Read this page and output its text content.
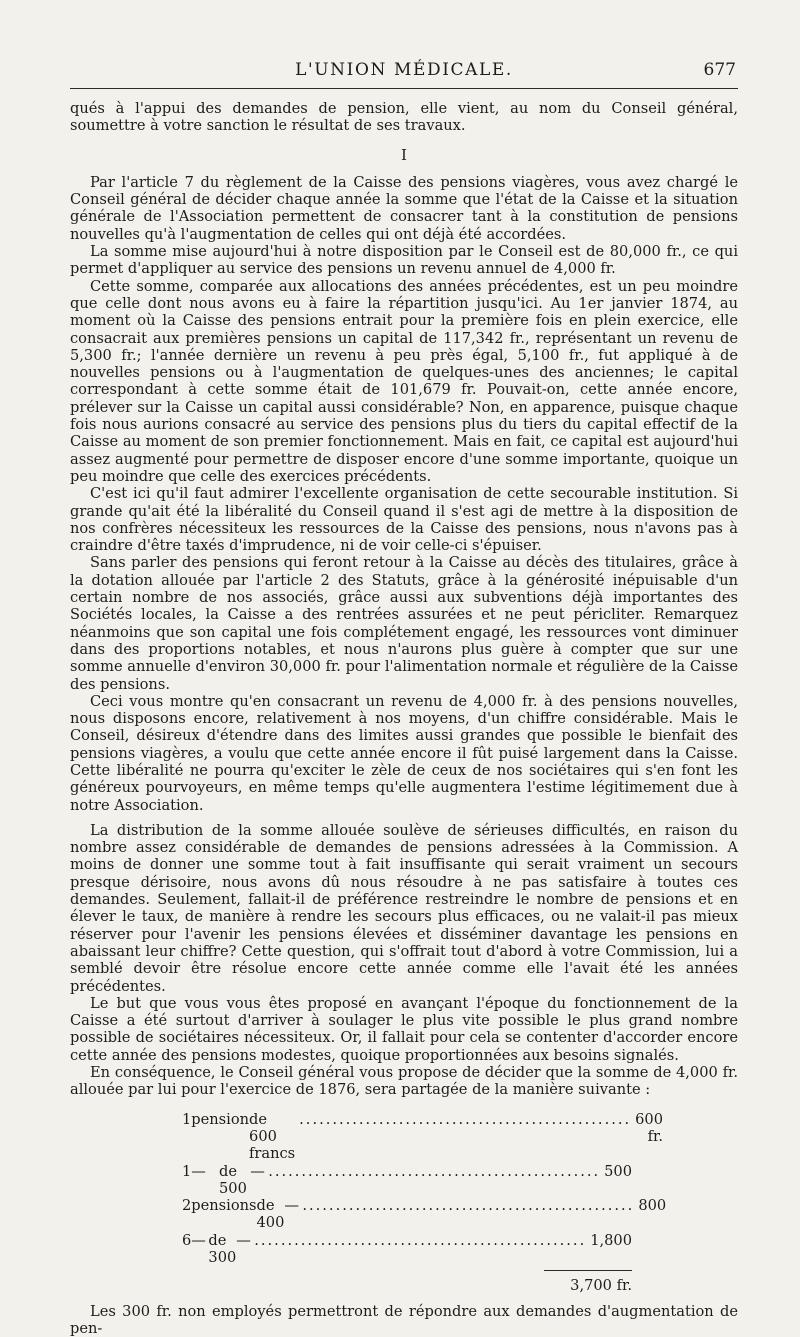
L'UNION MÉDICALE.	677

qués à l'appui des demandes de pension, elle vient, au nom du Conseil général, soumettre à votre sanction le résultat de ses travaux.

I

Par l'article 7 du règlement de la Caisse des pensions viagères, vous avez chargé le Conseil général de décider chaque année la somme que l'état de la Caisse et la situation générale de l'Association permettent de consacrer tant à la constitution de pensions nouvelles qu'à l'augmentation de celles qui ont déjà été accordées.

La somme mise aujourd'hui à notre disposition par le Conseil est de 80,000 fr., ce qui permet d'appliquer au service des pensions un revenu annuel de 4,000 fr.

Cette somme, comparée aux allocations des années précédentes, est un peu moindre que celle dont nous avons eu à faire la répartition jusqu'ici. Au 1er janvier 1874, au moment où la Caisse des pensions entrait pour la première fois en plein exercice, elle consacrait aux premières pensions un capital de 117,342 fr., représentant un revenu de 5,300 fr.; l'année dernière un revenu à peu près égal, 5,100 fr., fut appliqué à de nouvelles pensions ou à l'augmentation de quelques-unes des anciennes; le capital correspondant à cette somme était de 101,679 fr. Pouvait-on, cette année encore, prélever sur la Caisse un capital aussi considérable? Non, en apparence, puisque chaque fois nous aurions consacré au service des pensions plus du tiers du capital effectif de la Caisse au moment de son premier fonctionnement. Mais en fait, ce capital est aujourd'hui assez augmenté pour permettre de disposer encore d'une somme importante, quoique un peu moindre que celle des exercices précédents.

C'est ici qu'il faut admirer l'excellente organisation de cette secourable institution. Si grande qu'ait été la libéralité du Conseil quand il s'est agi de mettre à la disposition de nos confrères nécessiteux les ressources de la Caisse des pensions, nous n'avons pas à craindre d'être taxés d'imprudence, ni de voir celle-ci s'épuiser.

Sans parler des pensions qui feront retour à la Caisse au décès des titulaires, grâce à la dotation allouée par l'article 2 des Statuts, grâce à la générosité inépuisable d'un certain nombre de nos associés, grâce aussi aux subventions déjà importantes des Sociétés locales, la Caisse a des rentrées assurées et ne peut péricliter. Remarquez néanmoins que son capital une fois complétement engagé, les ressources vont diminuer dans des proportions notables, et nous n'aurons plus guère à compter que sur une somme annuelle d'environ 30,000 fr. pour l'alimentation normale et régulière de la Caisse des pensions.

Ceci vous montre qu'en consacrant un revenu de 4,000 fr. à des pensions nouvelles, nous disposons encore, relativement à nos moyens, d'un chiffre considérable. Mais le Conseil, désireux d'étendre dans des limites aussi grandes que possible le bienfait des pensions viagères, a voulu que cette année encore il fût puisé largement dans la Caisse. Cette libéralité ne pourra qu'exciter le zèle de ceux de nos sociétaires qui s'en font les généreux pourvoyeurs, en même temps qu'elle augmentera l'estime légitimement due à notre Association.

La distribution de la somme allouée soulève de sérieuses difficultés, en raison du nombre assez considérable de demandes de pensions adressées à la Commission. A moins de donner une somme tout à fait insuffisante qui serait vraiment un secours presque dérisoire, nous avons dû nous résoudre à ne pas satisfaire à toutes ces demandes. Seulement, fallait-il de préférence restreindre le nombre de pensions et en élever le taux, de manière à rendre les secours plus efficaces, ou ne valait-il pas mieux réserver pour l'avenir les pensions élevées et disséminer davantage les pensions en abaissant leur chiffre? Cette question, qui s'offrait tout d'abord à votre Commission, lui a semblé devoir être résolue encore cette année comme elle l'avait été les années précédentes.

Le but que vous vous êtes proposé en avançant l'époque du fonctionnement de la Caisse a été surtout d'arriver à soulager le plus vite possible le plus grand nombre possible de sociétaires nécessiteux. Or, il fallait pour cela se contenter d'accorder encore cette année des pensions modestes, quoique proportionnées aux besoins signalés.

En conséquence, le Conseil général vous propose de décider que la somme de 4,000 fr. allouée par lui pour l'exercice de 1876, sera partagée de la manière suivante :

1 pension de 600 francs
.................................................. 600 fr.
1 — de 500
— .................................................. 500
2 pensions de 400
— .................................................. 800
6 — de 300
— .................................................. 1,800
3,700 fr.

Les 300 fr. non employés permettront de répondre aux demandes d'augmentation de pen-
